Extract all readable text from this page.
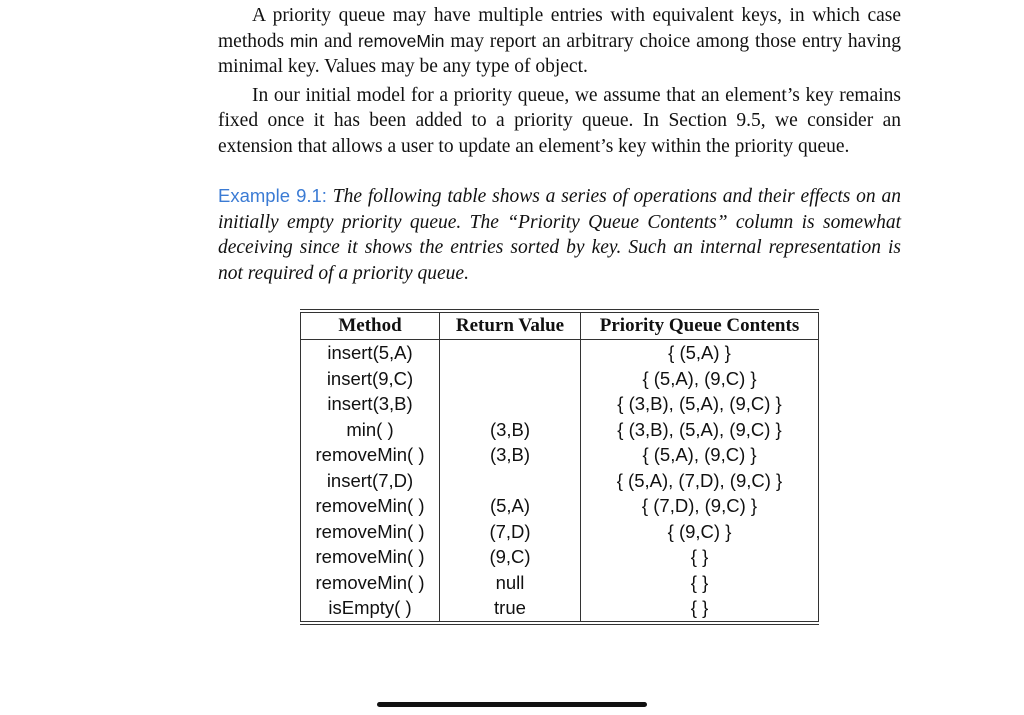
A priority queue may have multiple entries with equivalent keys, in which case methods min and removeMin may report an arbitrary choice among those entry having minimal key. Values may be any type of object.

In our initial model for a priority queue, we assume that an element’s key remains fixed once it has been added to a priority queue. In Section 9.5, we consider an extension that allows a user to update an element’s key within the priority queue.

Example 9.1: The following table shows a series of operations and their effects on an initially empty priority queue. The “Priority Queue Contents” column is somewhat deceiving since it shows the entries sorted by key. Such an internal representation is not required of a priority queue.
Method	Return Value	Priority Queue Contents
insert(5,A)		{ (5,A) }
insert(9,C)		{ (5,A), (9,C) }
insert(3,B)		{ (3,B), (5,A), (9,C) }
min( )	(3,B)	{ (3,B), (5,A), (9,C) }
removeMin( )	(3,B)	{ (5,A), (9,C) }
insert(7,D)		{ (5,A), (7,D), (9,C) }
removeMin( )	(5,A)	{ (7,D), (9,C) }
removeMin( )	(7,D)	{ (9,C) }
removeMin( )	(9,C)	{ }
removeMin( )	null	{ }
isEmpty( )	true	{ }
